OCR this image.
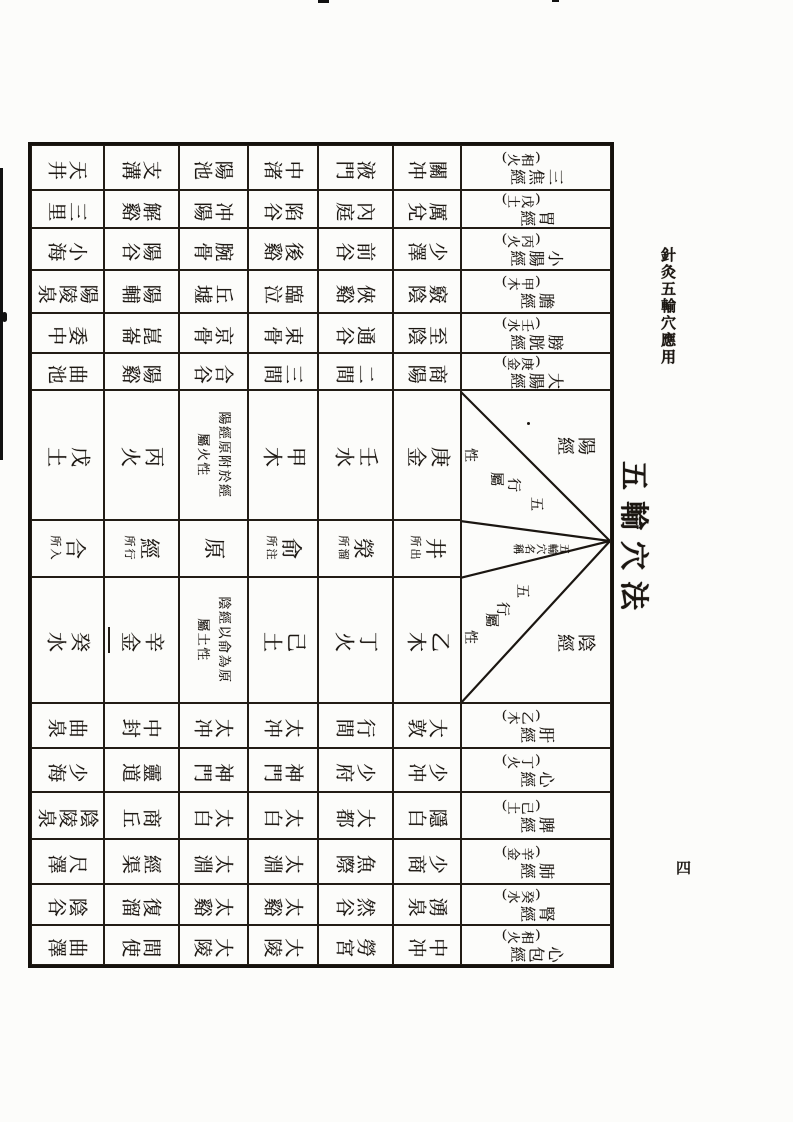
針灸五輸穴應用
四
五輸穴法
三焦經
(相火)
胃經
(戊土)
小腸經
(丙火)
膽經
(甲木)
膀胱經
(壬水)
大腸經
(庚金)
肝經
(乙木)
心經
(丁火)
脾經
(己土)
肺經
(辛金)
腎經
(癸水)
心包經
(相火)
陽經
陰經
五輸穴名稱
五
行
屬
性
五
行
屬
性
井
所出
庚金
乙木
關冲
厲兌
少澤
竅陰
至陰
商陽
大敦
少冲
隱白
少商
湧泉
中冲
滎
所溜
壬水
丁火
液門
內庭
前谷
俠谿
通谷
二間
行間
少府
大都
魚際
然谷
勞宮
俞
所注
甲木
己土
中渚
陷谷
後谿
臨泣
束骨
三間
太冲
神門
太白
太淵
太谿
大陵
原
陽經原附於經
屬火性
陰經以俞為原
屬土性
陽池
冲陽
腕骨
丘墟
京骨
合谷
太冲
神門
太白
太淵
太谿
大陵
經
所行
丙火
辛金
支溝
解谿
陽谷
陽輔
崑崙
陽谿
中封
靈道
商丘
經渠
復溜
間使
合
所入
戊土
癸水
天井
三里
小海
陽陵泉
委中
曲池
曲泉
少海
陰陵泉
尺澤
陰谷
曲澤
